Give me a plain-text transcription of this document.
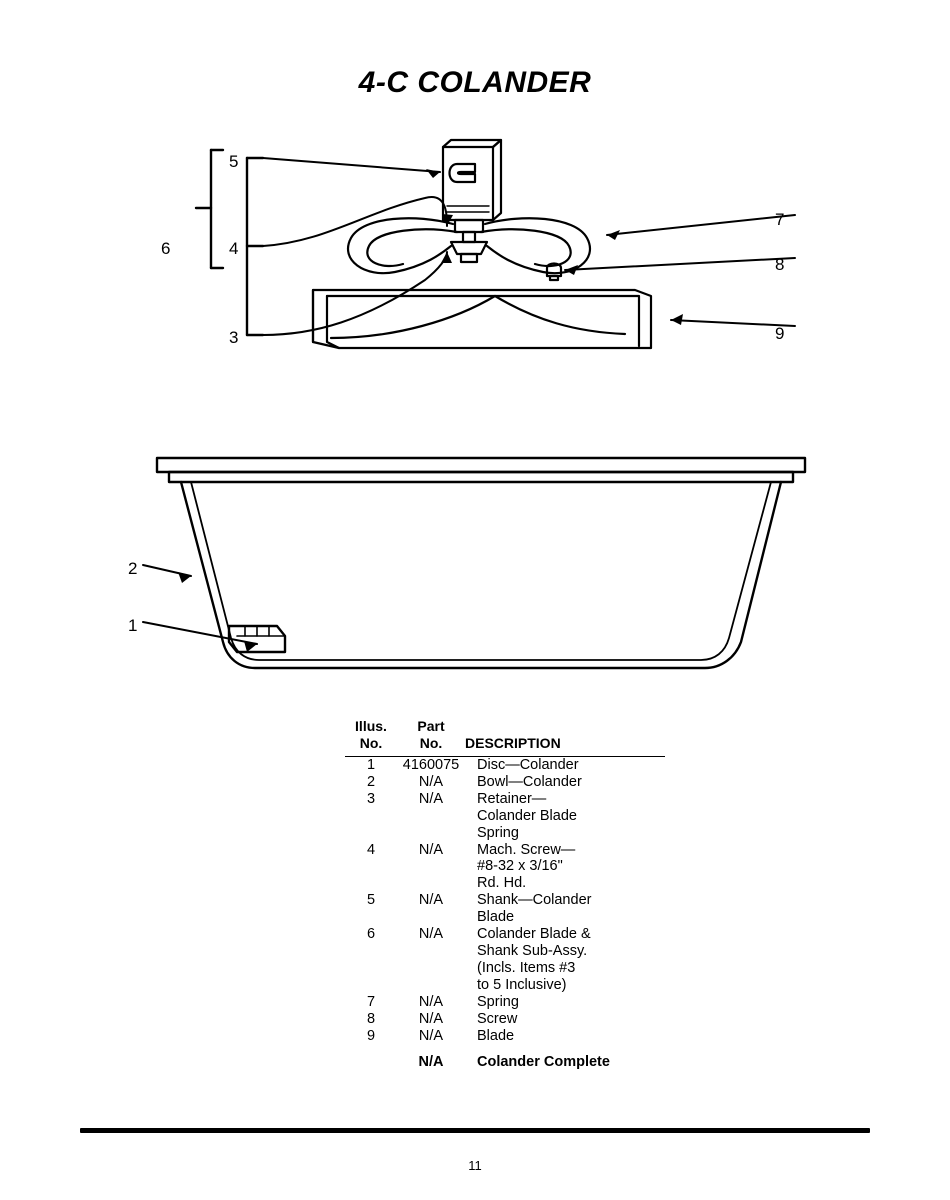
4-C COLANDER
5
6	4
3
7
8
9
2
1
Illus.	Part	DESCRIPTION
No.	No.	

1	4160075	Disc—Colander

2	N/A	Bowl—Colander

3	N/A	Retainer—
Colander Blade
Spring

4	N/A	Mach. Screw—
#8-32 x 3/16"
Rd. Hd.

5	N/A	Shank—Colander
Blade

6	N/A	Colander Blade &
Shank Sub-Assy.
(Incls. Items #3
to 5 Inclusive)

7	N/A	Spring

8	N/A	Screw

9	N/A	Blade

	N/A	Colander Complete
11
